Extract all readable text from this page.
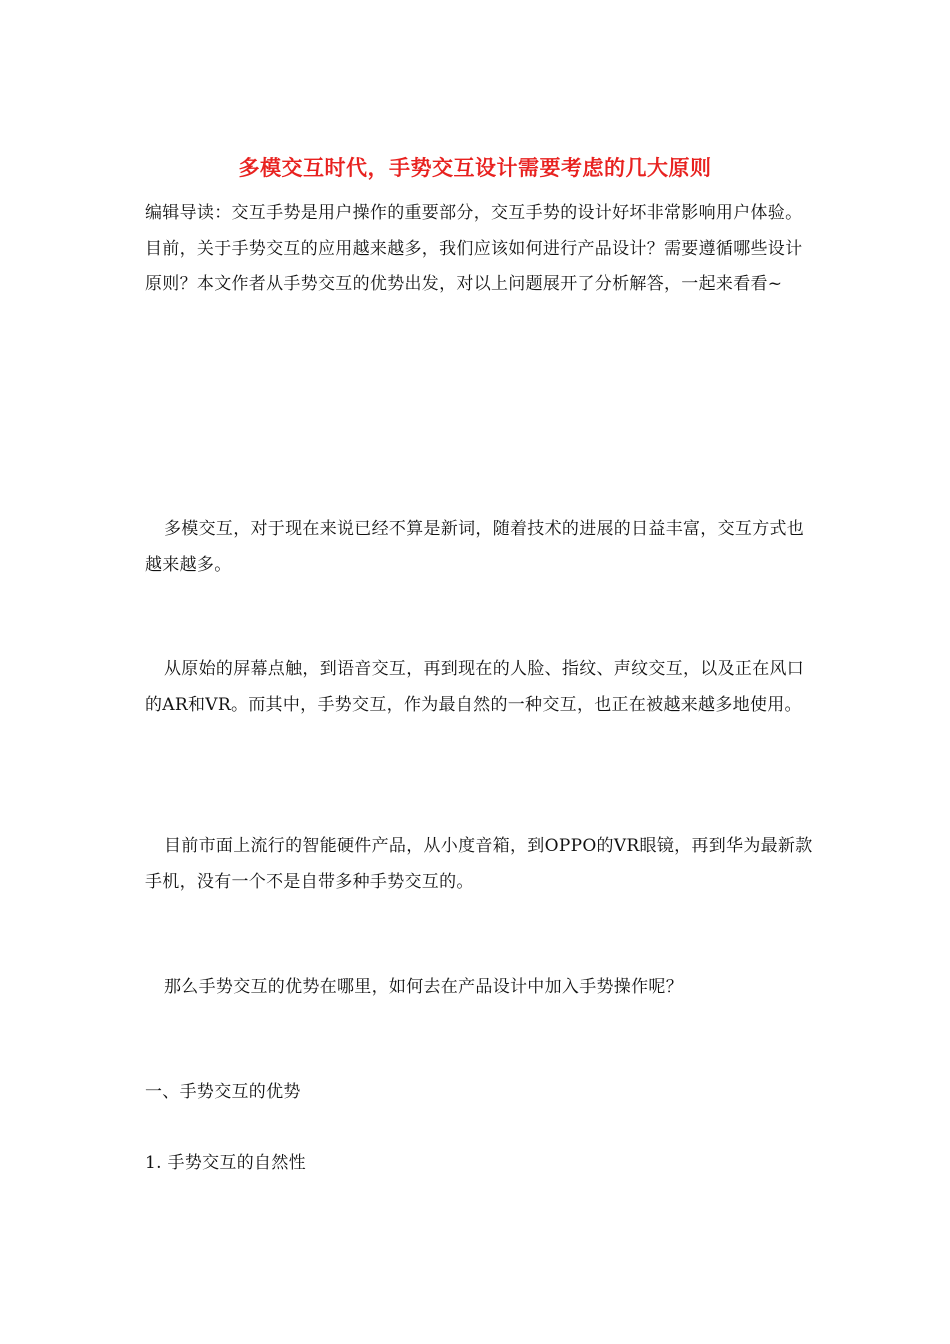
多模交互时代，手势交互设计需要考虑的几大原则

编辑导读：交互手势是用户操作的重要部分，交互手势的设计好坏非常影响用户体验。目前，关于手势交互的应用越来越多，我们应该如何进行产品设计？需要遵循哪些设计原则？本文作者从手势交互的优势出发，对以上问题展开了分析解答，一起来看看~

多模交互，对于现在来说已经不算是新词，随着技术的进展的日益丰富，交互方式也越来越多。

从原始的屏幕点触，到语音交互，再到现在的人脸、指纹、声纹交互，以及正在风口的AR和VR。而其中，手势交互，作为最自然的一种交互，也正在被越来越多地使用。

目前市面上流行的智能硬件产品，从小度音箱，到OPPO的VR眼镜，再到华为最新款手机，没有一个不是自带多种手势交互的。

那么手势交互的优势在哪里，如何去在产品设计中加入手势操作呢？

一、手势交互的优势
1. 手势交互的自然性
